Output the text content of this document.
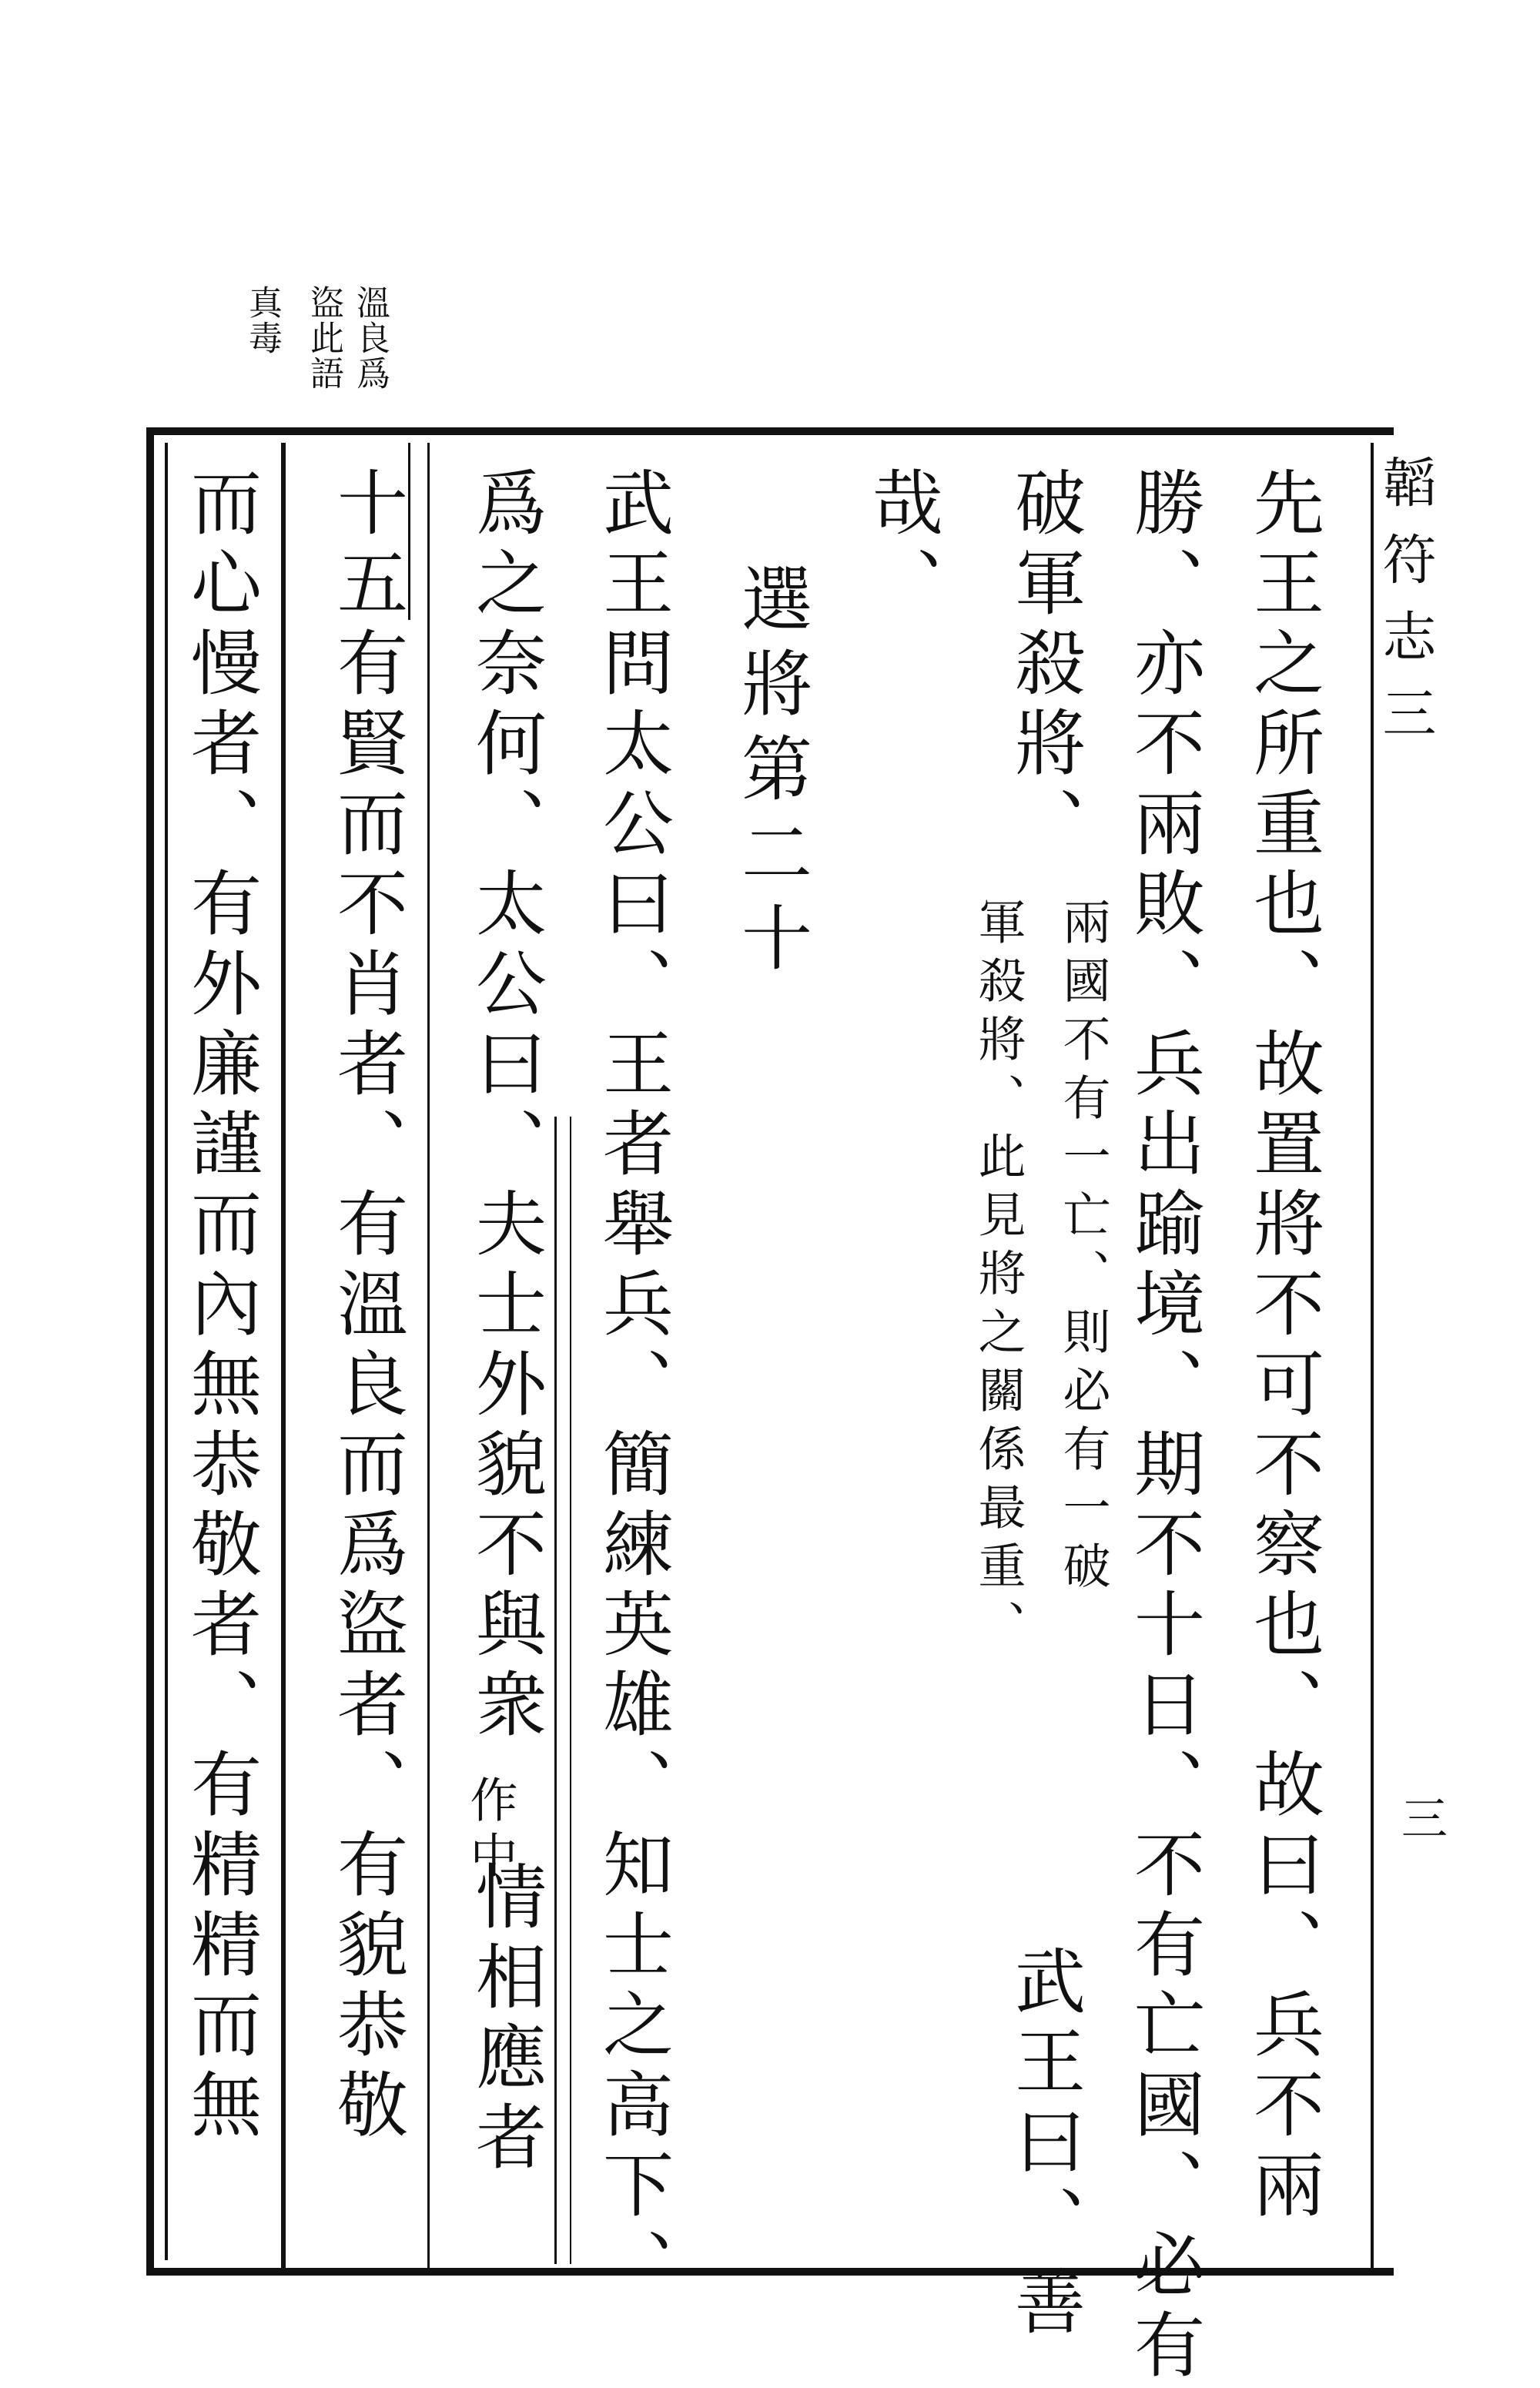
韜符志三
三
溫良爲
盜此語
真毒
先王之所重也、故置將不可不察也、故曰、兵不兩
勝、亦不兩敗、兵出踰境、期不十日、不有亡國、必有
破軍殺將、
兩國不有一亡、則必有一破
武王曰、善
軍殺將、此見將之關係最重、
哉、
選將第二十
武王問太公曰、王者舉兵、簡練英雄、知士之高下、
爲之奈何、太公曰、夫士外貌不與衆
作中
情相應者
十五有賢而不肖者、有溫良而爲盜者、有貌恭敬
而心慢者、有外廉謹而內無恭敬者、有精精而無
